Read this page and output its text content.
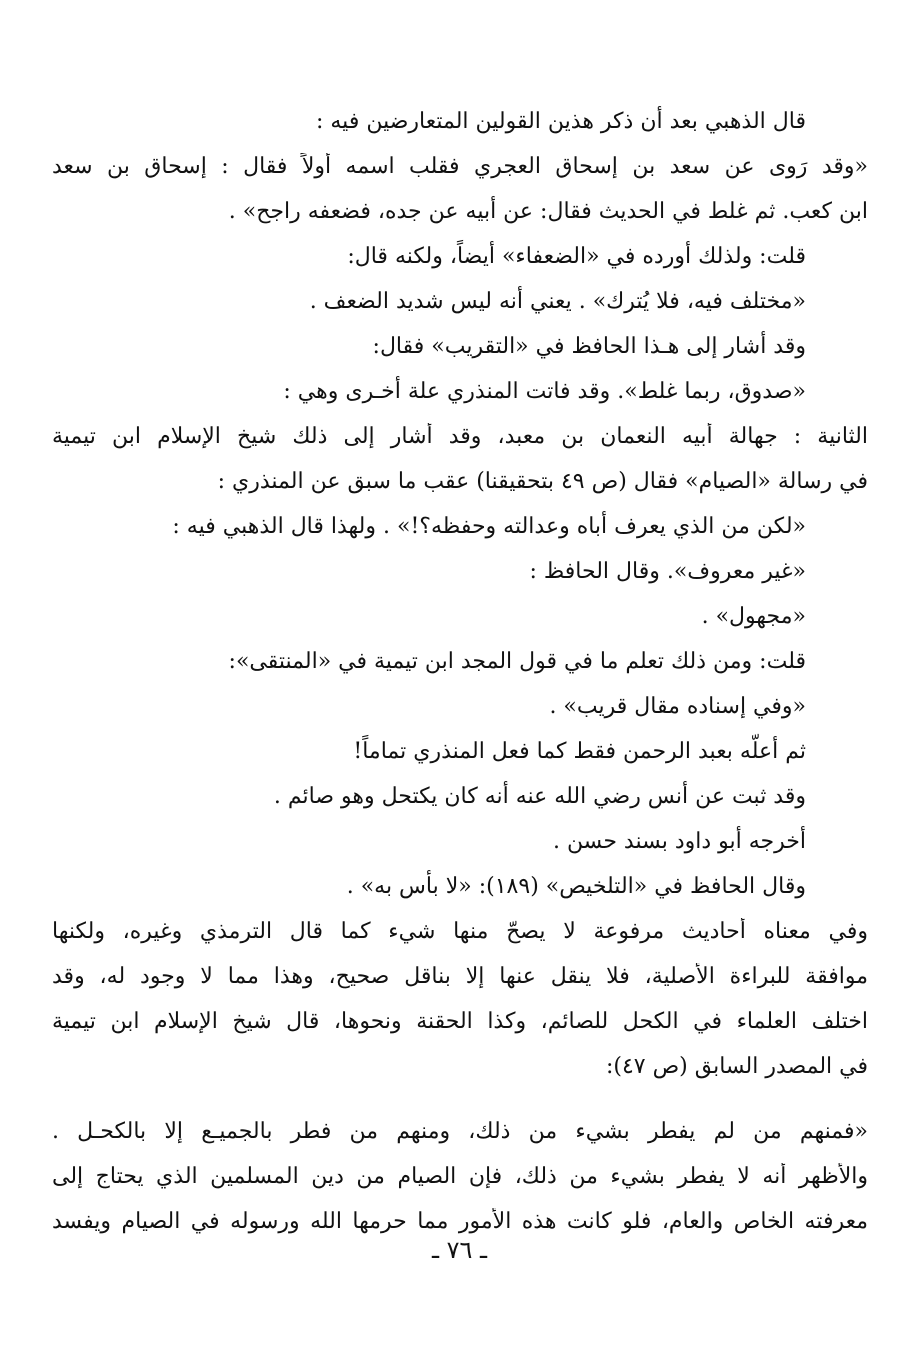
قال الذهبي بعد أن ذكر هذين القولين المتعارضين فيه :
«وقد رَوى عن سعد بن إسحاق العجري فقلب اسمه أولاً فقال : إسحاق بن سعد
ابن كعب. ثم غلط في الحديث فقال: عن أبيه عن جده، فضعفه راجح» .
قلت: ولذلك أورده في «الضعفاء» أيضاً، ولكنه قال:
«مختلف فيه، فلا يُترك» . يعني أنه ليس شديد الضعف .
وقد أشار إلى هـذا الحافظ في «التقريب» فقال:
«صدوق، ربما غلط». وقد فاتت المنذري علة أخـرى وهي :
الثانية : جهالة أبيه النعمان بن معبد، وقد أشار إلى ذلك شيخ الإسلام ابن تيمية
في رسالة «الصيام» فقال (ص ٤٩ بتحقيقنا) عقب ما سبق عن المنذري :
«لكن من الذي يعرف أباه وعدالته وحفظه؟!» . ولهذا قال الذهبي فيه :
«غير معروف». وقال الحافظ :
«مجهول» .
قلت: ومن ذلك تعلم ما في قول المجد ابن تيمية في «المنتقى»:
«وفي إسناده مقال قريب» .
ثم أعلّه بعبد الرحمن فقط كما فعل المنذري تماماً!
وقد ثبت عن أنس رضي الله عنه أنه كان يكتحل وهو صائم .
أخرجه أبو داود بسند حسن .
وقال الحافظ في «التلخيص» (١٨٩): «لا بأس به» .
وفي معناه أحاديث مرفوعة لا يصحّ منها شيء كما قال الترمذي وغيره، ولكنها
موافقة للبراءة الأصلية، فلا ينقل عنها إلا بناقل صحيح، وهذا مما لا وجود له، وقد
اختلف العلماء في الكحل للصائم، وكذا الحقنة ونحوها، قال شيخ الإسلام ابن تيمية
في المصدر السابق (ص ٤٧):
«فمنهم من لم يفطر بشيء من ذلك، ومنهم من فطر بالجميـع إلا بالكحـل .
والأظهر أنه لا يفطر بشيء من ذلك، فإن الصيام من دين المسلمين الذي يحتاج إلى
معرفته الخاص والعام، فلو كانت هذه الأمور مما حرمها الله ورسوله في الصيام ويفسد
ـ ٧٦ ـ
